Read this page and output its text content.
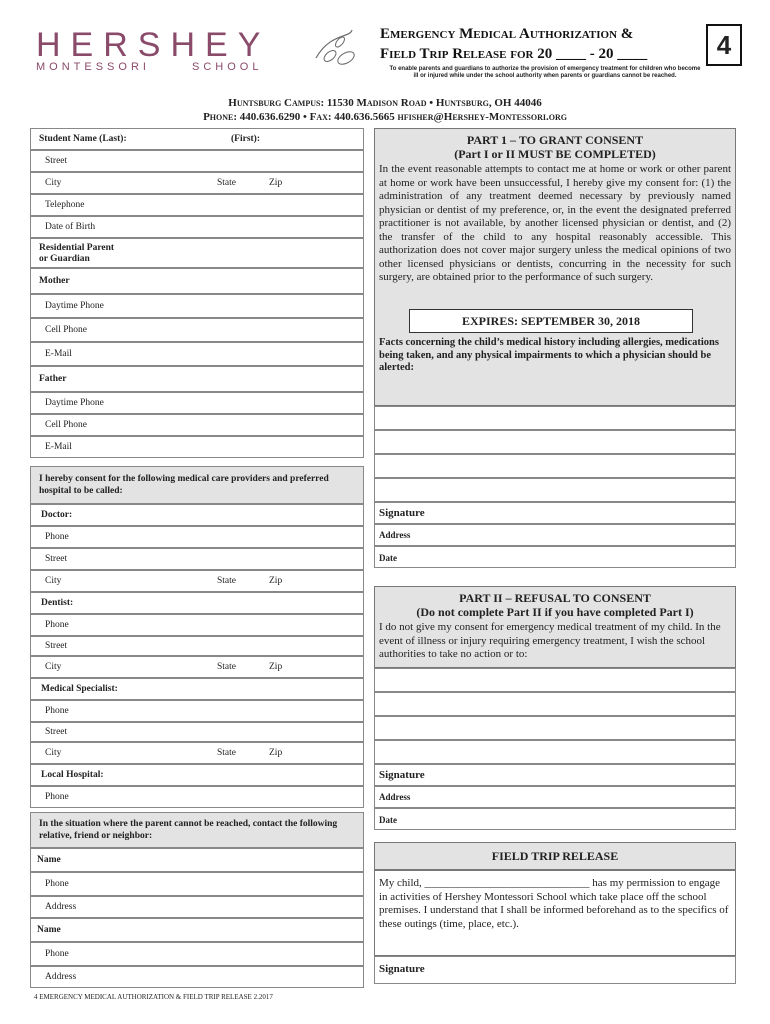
HERSHEY
MONTESSORI	SCHOOL
Emergency Medical Authorization &
Field Trip Release for 20 ____ - 20 ____	4
To enable parents and guardians to authorize the provision of emergency treatment for children who become
ill or injured while under the school authority when parents or guardians cannot be reached.
Huntsburg Campus: 11530 Madison Road • Huntsburg, OH 44046
Phone: 440.636.6290 • Fax: 440.636.5665 hfisher@Hershey-Montessori.org
Student Name (Last):	(First):
Street
City	State	Zip
Telephone
Date of Birth
Residential Parent
or Guardian
Mother
Daytime Phone
Cell Phone
E-Mail
Father
Daytime Phone
Cell Phone
E-Mail
I hereby consent for the following medical care providers and preferred hospital to be called:
Doctor:
Phone
Street
City	State	Zip
Dentist:
Phone
Street
City	State	Zip
Medical Specialist:
Phone
Street
City	State	Zip
Local Hospital:
Phone
In the situation where the parent cannot be reached, contact the following relative, friend or neighbor:
Name
Phone
Address
Name
Phone
Address
4 EMERGENCY MEDICAL AUTHORIZATION & FIELD TRIP RELEASE 2.2017
PART 1 – TO GRANT CONSENT
(Part I or II MUST BE COMPLETED)
In the event reasonable attempts to contact me at home or work or other parent at home or work have been unsuccessful, I hereby give my consent for: (1) the administration of any treatment deemed necessary by previously named physician or dentist of my preference, or, in the event the designated preferred practitioner is not available, by another licensed physician or dentist, and (2) the transfer of the child to any hospital reasonably accessible. This authorization does not cover major surgery unless the medical opinions of two other licensed physicians or dentists, concurring in the necessity for such surgery, are obtained prior to the performance of such surgery.
EXPIRES: SEPTEMBER 30, 2018
Facts concerning the child’s medical history including allergies, medications being taken, and any physical impairments to which a physician should be alerted:
Signature
Address
Date
PART II – REFUSAL TO CONSENT
(Do not complete Part II if you have completed Part I)
I do not give my consent for emergency medical treatment of my child. In the event of illness or injury requiring emergency treatment, I wish the school authorities to take no action or to:
Signature
Address
Date
FIELD TRIP RELEASE
My child, ______________________________ has my permission to engage in activities of Hershey Montessori School which take place off the school premises. I understand that I shall be informed beforehand as to the specifics of these outings (time, place, etc.).
Signature
